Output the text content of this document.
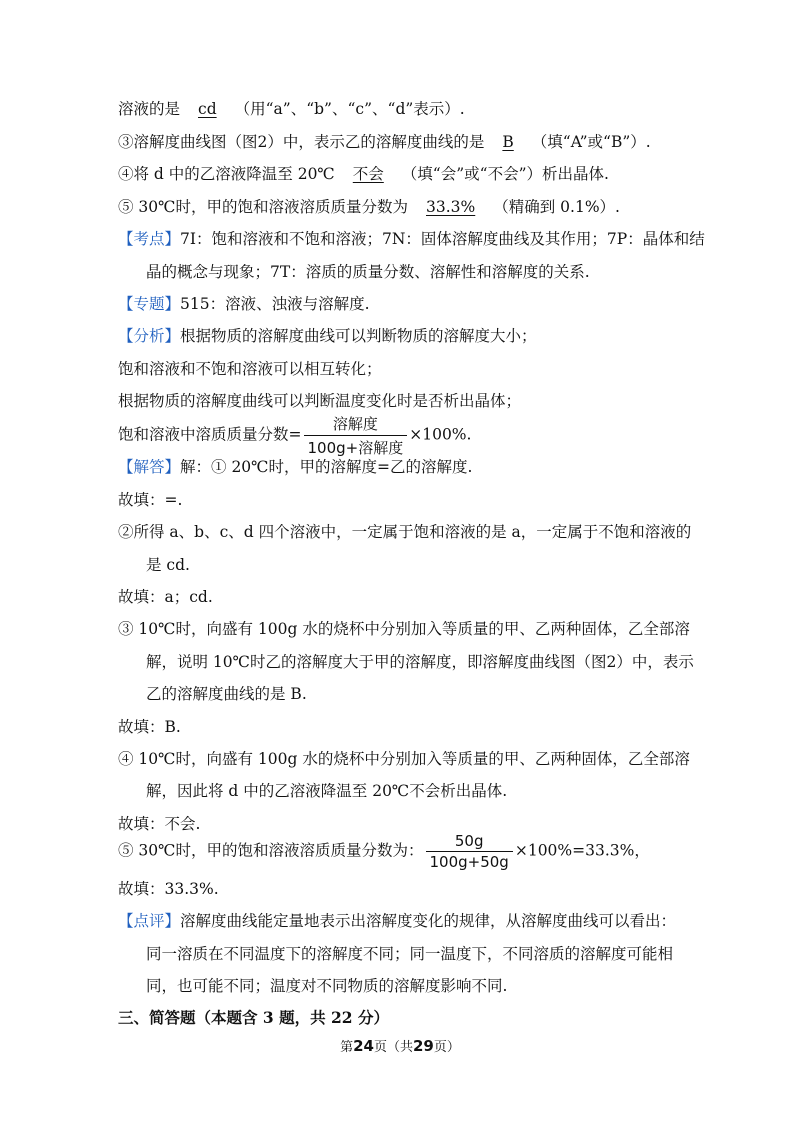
溶液的是 cd （用“a”、“b”、“c”、“d”表示）.
③溶解度曲线图（图2）中，表示乙的溶解度曲线的是 B （填“A”或“B”）.
④将 d 中的乙溶液降温至 20℃ 不会 （填“会”或“不会”）析出晶体.
⑤ 30℃时，甲的饱和溶液溶质质量分数为 33.3% （精确到 0.1%）.
【考点】7I：饱和溶液和不饱和溶液；7N：固体溶解度曲线及其作用；7P：晶体和结
晶的概念与现象；7T：溶质的质量分数、溶解性和溶解度的关系.
【专题】515：溶液、浊液与溶解度.
【分析】根据物质的溶解度曲线可以判断物质的溶解度大小；
饱和溶液和不饱和溶液可以相互转化；
根据物质的溶解度曲线可以判断温度变化时是否析出晶体；
饱和溶液中溶质质量分数= $\frac{\text{溶解度}}{\text{100g+溶解度}} \times 100\%$.
【解答】解：① 20℃时，甲的溶解度=乙的溶解度.
故填：=.
②所得 a、b、c、d 四个溶液中，一定属于饱和溶液的是 a，一定属于不饱和溶液的
是 cd.
故填：a；cd.
③ 10℃时，向盛有 100g 水的烧杯中分别加入等质量的甲、乙两种固体，乙全部溶
解，说明 10℃时乙的溶解度大于甲的溶解度，即溶解度曲线图（图2）中，表示
乙的溶解度曲线的是 B.
故填：B.
④ 10℃时，向盛有 100g 水的烧杯中分别加入等质量的甲、乙两种固体，乙全部溶
解，因此将 d 中的乙溶液降温至 20℃不会析出晶体.
故填：不会.
⑤ 30℃时，甲的饱和溶液溶质质量分数为： $\frac{50g}{100g+50g} \times 100\%=33.3\%$，
故填：33.3%.
【点评】溶解度曲线能定量地表示出溶解度变化的规律，从溶解度曲线可以看出：
同一溶质在不同温度下的溶解度不同；同一温度下，不同溶质的溶解度可能相
同，也可能不同；温度对不同物质的溶解度影响不同.
三、简答题（本题含 3 题，共 22 分）
第24页（共29页）
